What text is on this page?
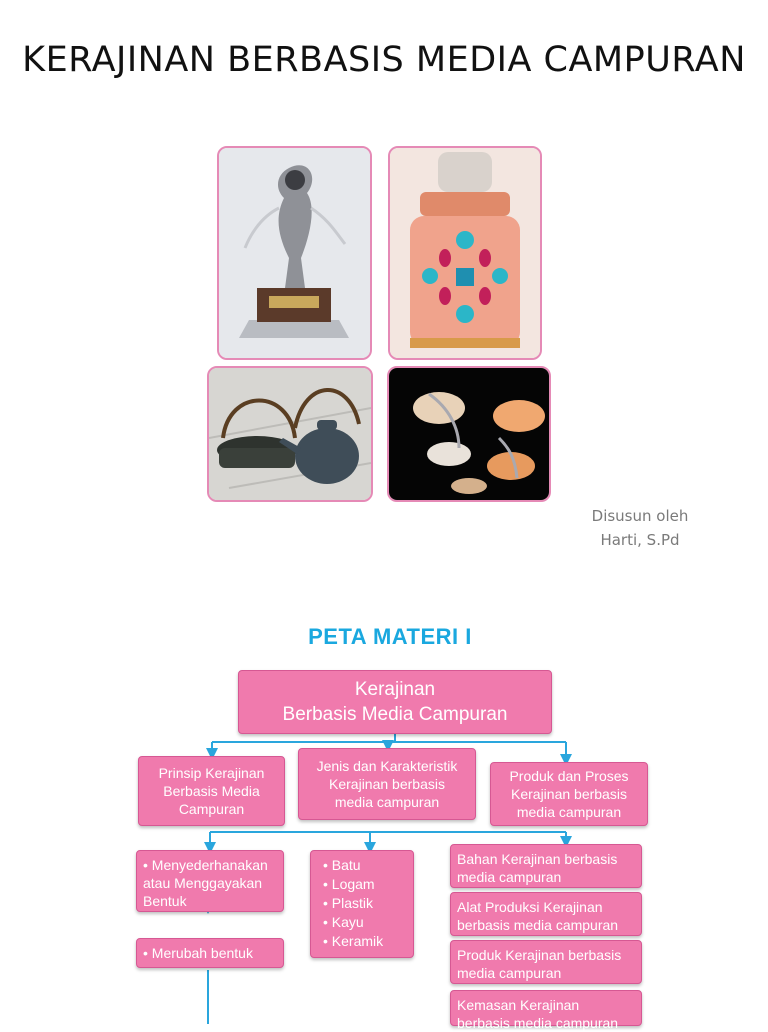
KERAJINAN BERBASIS MEDIA CAMPURAN
Disusun oleh
Harti, S.Pd
PETA MATERI I
Kerajinan
Berbasis Media Campuran
Prinsip Kerajinan
Berbasis Media
Campuran
Jenis dan Karakteristik
Kerajinan berbasis
media campuran
Produk dan Proses
Kerajinan berbasis
media campuran
• Menyederhanakan
atau Menggayakan
Bentuk
• Merubah bentuk
• Batu
• Logam
• Plastik
• Kayu
• Keramik
Bahan Kerajinan berbasis
media campuran
Alat Produksi Kerajinan
berbasis media campuran
Produk Kerajinan berbasis
media campuran
Kemasan Kerajinan
berbasis media campuran
